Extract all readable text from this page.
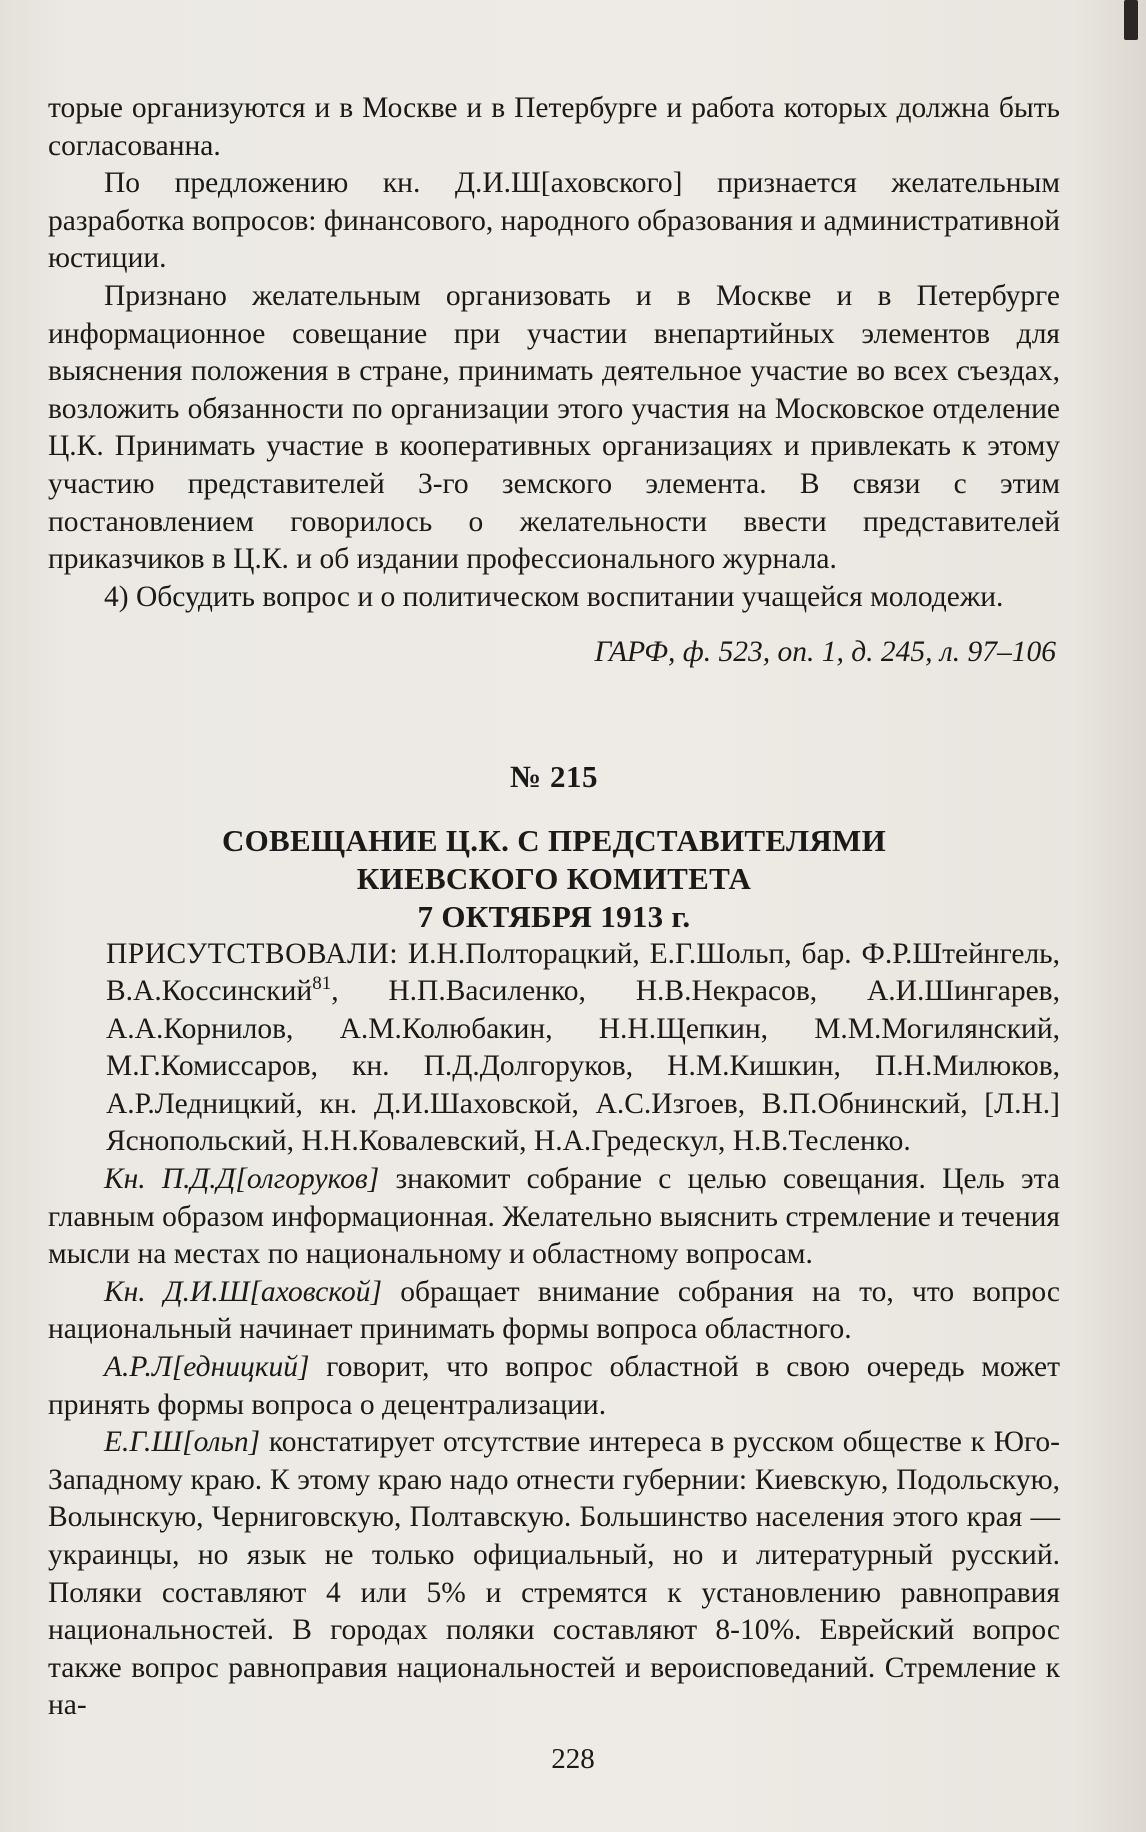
торые организуются и в Москве и в Петербурге и работа которых должна быть согласованна.

По предложению кн. Д.И.Ш[аховского] признается желательным разработка вопросов: финансового, народного образования и административной юстиции.

Признано желательным организовать и в Москве и в Петербурге информационное совещание при участии внепартийных элементов для выяснения положения в стране, принимать деятельное участие во всех съездах, возложить обязанности по организации этого участия на Московское отделение Ц.К. Принимать участие в кооперативных организациях и привлекать к этому участию представителей 3-го земского элемента. В связи с этим постановлением говорилось о желательности ввести представителей приказчиков в Ц.К. и об издании профессионального журнала.

4) Обсудить вопрос и о политическом воспитании учащейся молодежи.

ГАРФ, ф. 523, оп. 1, д. 245, л. 97–106
№ 215
СОВЕЩАНИЕ Ц.К. С ПРЕДСТАВИТЕЛЯМИ
КИЕВСКОГО КОМИТЕТА
7 ОКТЯБРЯ 1913 г.

ПРИСУТСТВОВАЛИ: И.Н.Полторацкий, Е.Г.Шольп, бар. Ф.Р.Штейнгель, В.А.Коссинский$^{81}$, Н.П.Василенко, Н.В.Некрасов, А.И.Шингарев, А.А.Корнилов, А.М.Колюбакин, Н.Н.Щепкин, М.М.Могилянский, М.Г.Комиссаров, кн. П.Д.Долгоруков, Н.М.Кишкин, П.Н.Милюков, А.Р.Ледницкий, кн. Д.И.Шаховской, А.С.Изгоев, В.П.Обнинский, [Л.Н.] Яснопольский, Н.Н.Ковалевский, Н.А.Гредескул, Н.В.Тесленко.

Кн. П.Д.Д[олгоруков] знакомит собрание с целью совещания. Цель эта главным образом информационная. Желательно выяснить стремление и течения мысли на местах по национальному и областному вопросам.

Кн. Д.И.Ш[аховской] обращает внимание собрания на то, что вопрос национальный начинает принимать формы вопроса областного.

А.Р.Л[едницкий] говорит, что вопрос областной в свою очередь может принять формы вопроса о децентрализации.

Е.Г.Ш[ольп] констатирует отсутствие интереса в русском обществе к Юго-Западному краю. К этому краю надо отнести губернии: Киевскую, Подольскую, Волынскую, Черниговскую, Полтавскую. Большинство населения этого края — украинцы, но язык не только официальный, но и литературный русский. Поляки составляют 4 или 5% и стремятся к установлению равноправия национальностей. В городах поляки составляют 8-10%. Еврейский вопрос также вопрос равноправия национальностей и вероисповеданий. Стремление к на-

228
